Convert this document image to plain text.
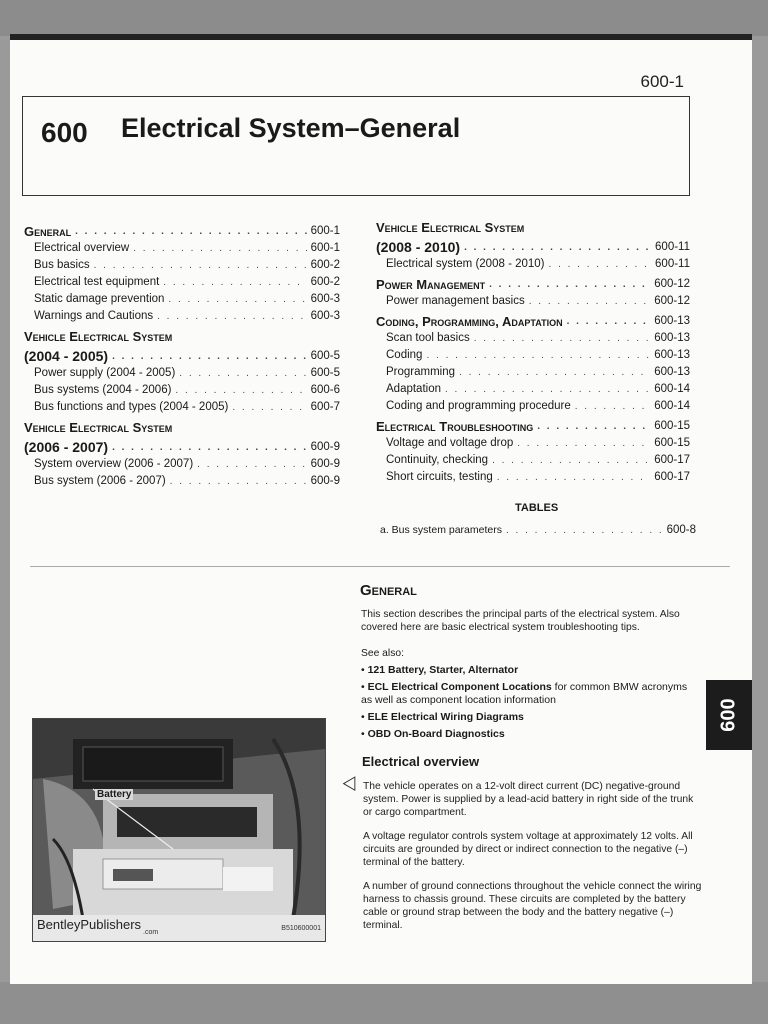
600-1
600 Electrical System–General
General . . .	600-1
Electrical overview . . .	600-1
Bus basics . . .	600-2
Electrical test equipment . . .	600-2
Static damage prevention . . .	600-3
Warnings and Cautions . . .	600-3
Vehicle Electrical System
(2004 - 2005) . . .	600-5
Power supply (2004 - 2005) . . .	600-5
Bus systems (2004 - 2006) . . .	600-6
Bus functions and types (2004 - 2005) . . .	600-7
Vehicle Electrical System
(2006 - 2007) . . .	600-9
System overview (2006 - 2007) . . .	600-9
Bus system (2006 - 2007) . . .	600-9
Vehicle Electrical System
(2008 - 2010) . . .	600-11
Electrical system (2008 - 2010) . . .	600-11
Power Management . . .	600-12
Power management basics . . .	600-12
Coding, Programming, Adaptation . . .	600-13
Scan tool basics . . .	600-13
Coding . . .	600-13
Programming . . .	600-13
Adaptation . . .	600-14
Coding and programming procedure . . .	600-14
Electrical Troubleshooting . . .	600-15
Voltage and voltage drop . . .	600-15
Continuity, checking . . .	600-17
Short circuits, testing . . .	600-17
TABLES
a. Bus system parameters . . .	600-8
General
This section describes the principal parts of the electrical system. Also covered here are basic electrical system troubleshooting tips.
See also:
• 121 Battery, Starter, Alternator
• ECL Electrical Component Locations for common BMW acronyms as well as component location information
• ELE Electrical Wiring Diagrams
• OBD On-Board Diagnostics
Electrical overview
⨞ The vehicle operates on a 12-volt direct current (DC) negative-ground system. Power is supplied by a lead-acid battery in right side of the trunk or cargo compartment.
A voltage regulator controls system voltage at approximately 12 volts. All circuits are grounded by direct or indirect connection to the negative (–) terminal of the battery.
A number of ground connections throughout the vehicle connect the wiring harness to chassis ground. These circuits are completed by the battery cable or ground strap between the body and the battery negative (–) terminal.
600
Battery
BentleyPublishers
.com
B510600001
